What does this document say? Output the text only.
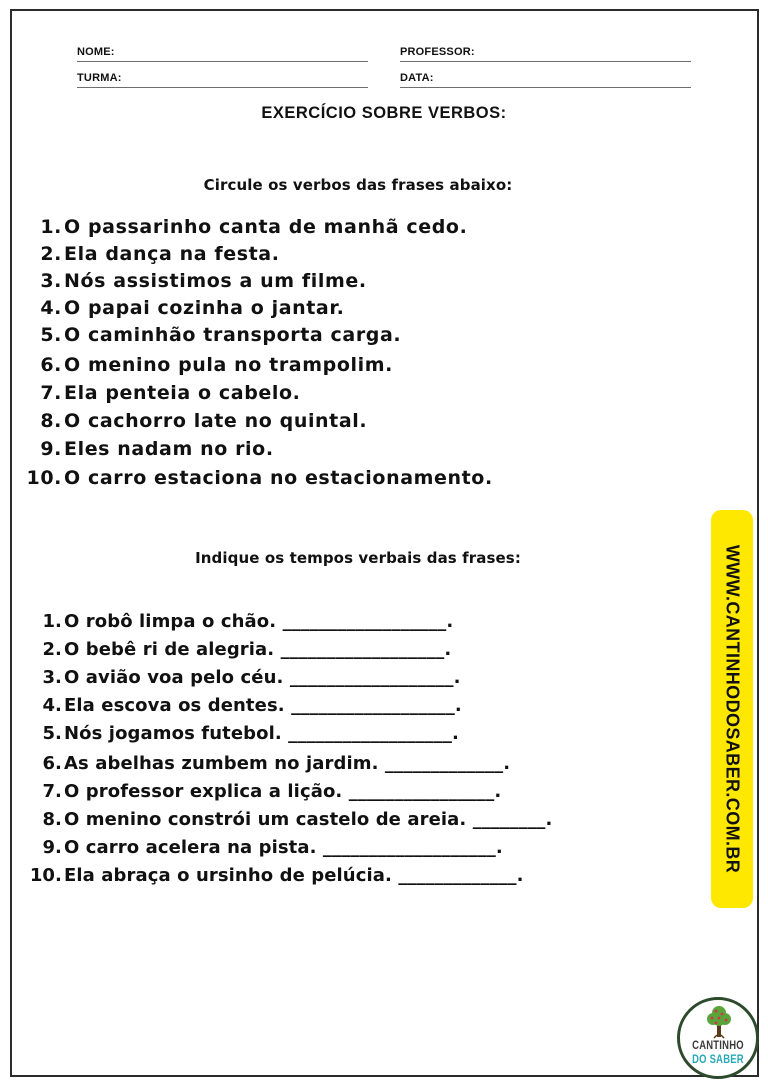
NOME:
TURMA:
PROFESSOR:
DATA:
EXERCÍCIO SOBRE VERBOS:
Circule os verbos das frases abaixo:
1. O passarinho canta de manhã cedo.
2. Ela dança na festa.
3. Nós assistimos a um filme.
4. O papai cozinha o jantar.
5. O caminhão transporta carga.
6. O menino pula no trampolim.
7. Ela penteia o cabelo.
8. O cachorro late no quintal.
9. Eles nadam no rio.
10. O carro estaciona no estacionamento.
Indique os tempos verbais das frases:
1. O robô limpa o chão. __________________.
2. O bebê ri de alegria. __________________.
3. O avião voa pelo céu. __________________.
4. Ela escova os dentes. __________________.
5. Nós jogamos futebol. __________________.
6. As abelhas zumbem no jardim. _____________.
7. O professor explica a lição. ________________.
8. O menino constrói um castelo de areia. ________.
9. O carro acelera na pista. ___________________.
10. Ela abraça o ursinho de pelúcia. _____________.
WWW.CANTINHODOSABER.COM.BR
CANTINHO
DO SABER
